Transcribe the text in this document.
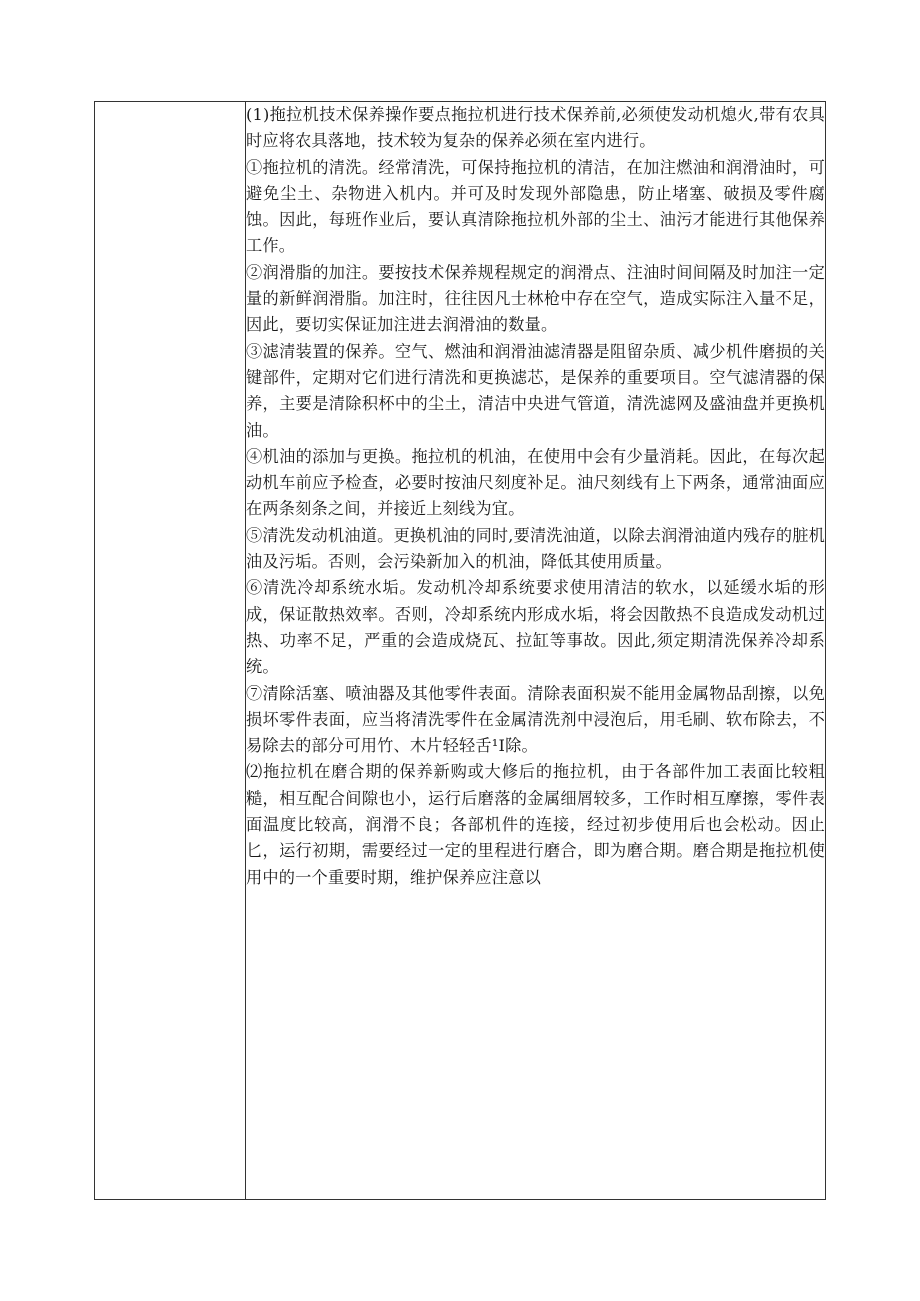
(1)拖拉机技术保养操作要点拖拉机进行技术保养前,必须使发动机熄火,带有农具时应将农具落地，技术较为复杂的保养必须在室内进行。

①拖拉机的清洗。经常清洗，可保持拖拉机的清洁，在加注燃油和润滑油时，可避免尘土、杂物进入机内。并可及时发现外部隐患，防止堵塞、破损及零件腐蚀。因此，每班作业后，要认真清除拖拉机外部的尘土、油污才能进行其他保养工作。

②润滑脂的加注。要按技术保养规程规定的润滑点、注油时间间隔及时加注一定量的新鲜润滑脂。加注时，往往因凡士林枪中存在空气，造成实际注入量不足，因此，要切实保证加注进去润滑油的数量。

③滤清装置的保养。空气、燃油和润滑油滤清器是阻留杂质、减少机件磨损的关键部件，定期对它们进行清洗和更换滤芯，是保养的重要项目。空气滤清器的保养，主要是清除积杯中的尘土，清洁中央进气管道，清洗滤网及盛油盘并更换机油。

④机油的添加与更换。拖拉机的机油，在使用中会有少量消耗。因此，在每次起动机车前应予检查，必要时按油尺刻度补足。油尺刻线有上下两条，通常油面应在两条刻条之间，并接近上刻线为宜。

⑤清洗发动机油道。更换机油的同时,要清洗油道，以除去润滑油道内残存的脏机油及污垢。否则，会污染新加入的机油，降低其使用质量。

⑥清洗冷却系统水垢。发动机冷却系统要求使用清洁的软水，以延缓水垢的形成，保证散热效率。否则，冷却系统内形成水垢，将会因散热不良造成发动机过热、功率不足，严重的会造成烧瓦、拉缸等事故。因此,须定期清洗保养冷却系统。

⑦清除活塞、喷油器及其他零件表面。清除表面积炭不能用金属物品刮擦，以免损坏零件表面，应当将清洗零件在金属清洗剂中浸泡后，用毛刷、软布除去，不易除去的部分可用竹、木片轻轻舌¹I除。

⑵拖拉机在磨合期的保养新购或大修后的拖拉机，由于各部件加工表面比较粗糙，相互配合间隙也小，运行后磨落的金属细屑较多，工作时相互摩擦，零件表面温度比较高，润滑不良；各部机件的连接，经过初步使用后也会松动。因止匕，运行初期，需要经过一定的里程进行磨合，即为磨合期。磨合期是拖拉机使用中的一个重要时期，维护保养应注意以
